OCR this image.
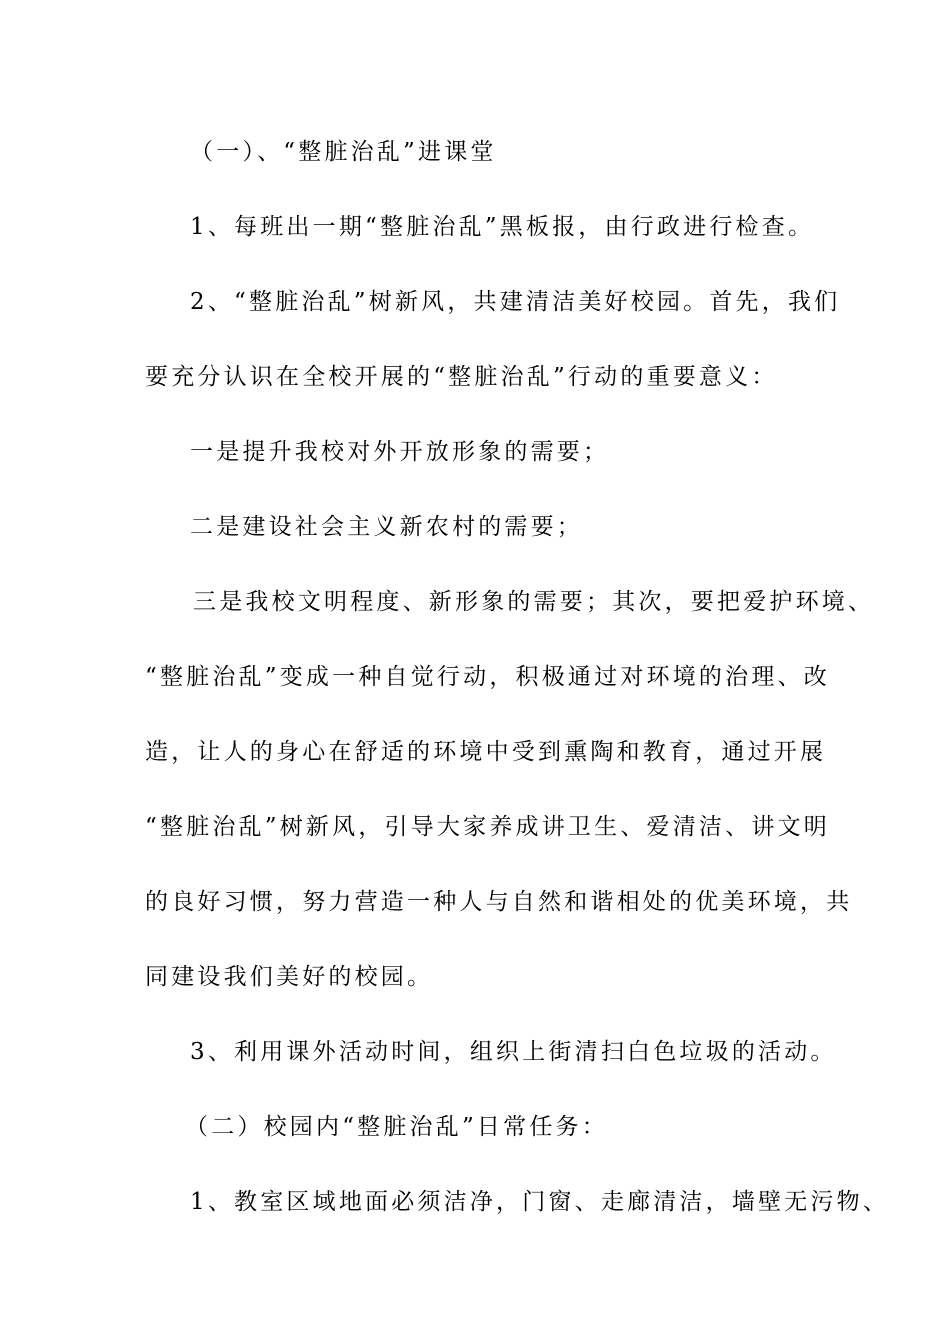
（一）、“整脏治乱”进课堂
1、每班出一期“整脏治乱”黑板报，由行政进行检查。
2、“整脏治乱”树新风，共建清洁美好校园。首先，我们
要充分认识在全校开展的“整脏治乱”行动的重要意义：
一是提升我校对外开放形象的需要；
二是建设社会主义新农村的需要；
三是我校文明程度、新形象的需要；其次，要把爱护环境、
“整脏治乱”变成一种自觉行动，积极通过对环境的治理、改
造，让人的身心在舒适的环境中受到熏陶和教育，通过开展
“整脏治乱”树新风，引导大家养成讲卫生、爱清洁、讲文明
的良好习惯，努力营造一种人与自然和谐相处的优美环境，共
同建设我们美好的校园。
3、利用课外活动时间，组织上街清扫白色垃圾的活动。
（二）校园内“整脏治乱”日常任务：
1、教室区域地面必须洁净，门窗、走廊清洁，墙壁无污物、
